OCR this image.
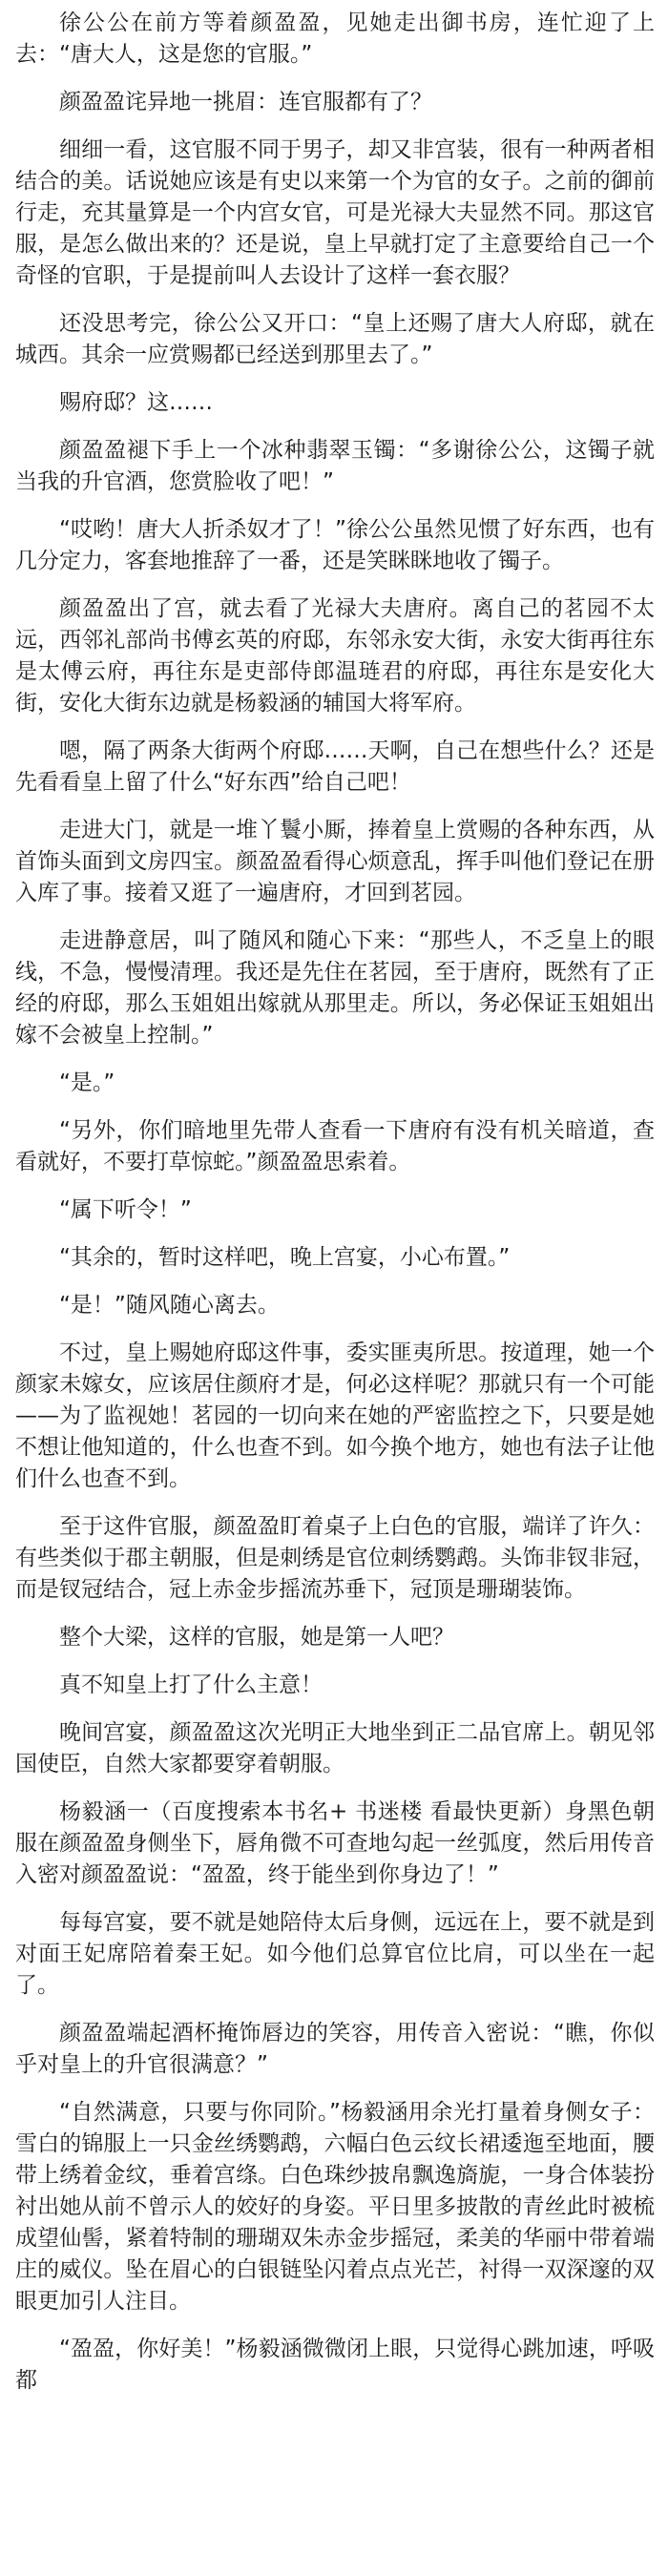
徐公公在前方等着颜盈盈，见她走出御书房，连忙迎了上去：“唐大人，这是您的官服。”

颜盈盈诧异地一挑眉：连官服都有了？

细细一看，这官服不同于男子，却又非宫装，很有一种两者相结合的美。话说她应该是有史以来第一个为官的女子。之前的御前行走，充其量算是一个内宫女官，可是光禄大夫显然不同。那这官服，是怎么做出来的？还是说，皇上早就打定了主意要给自己一个奇怪的官职，于是提前叫人去设计了这样一套衣服？

还没思考完，徐公公又开口：“皇上还赐了唐大人府邸，就在城西。其余一应赏赐都已经送到那里去了。”

赐府邸？这……

颜盈盈褪下手上一个冰种翡翠玉镯：“多谢徐公公，这镯子就当我的升官酒，您赏脸收了吧！”

“哎哟！唐大人折杀奴才了！”徐公公虽然见惯了好东西，也有几分定力，客套地推辞了一番，还是笑眯眯地收了镯子。

颜盈盈出了宫，就去看了光禄大夫唐府。离自己的茗园不太远，西邻礼部尚书傅玄英的府邸，东邻永安大街，永安大街再往东是太傅云府，再往东是吏部侍郎温琏君的府邸，再往东是安化大街，安化大街东边就是杨毅涵的辅国大将军府。

嗯，隔了两条大街两个府邸……天啊，自己在想些什么？还是先看看皇上留了什么“好东西”给自己吧！

走进大门，就是一堆丫鬟小厮，捧着皇上赏赐的各种东西，从首饰头面到文房四宝。颜盈盈看得心烦意乱，挥手叫他们登记在册入库了事。接着又逛了一遍唐府，才回到茗园。

走进静意居，叫了随风和随心下来：“那些人，不乏皇上的眼线，不急，慢慢清理。我还是先住在茗园，至于唐府，既然有了正经的府邸，那么玉姐姐出嫁就从那里走。所以，务必保证玉姐姐出嫁不会被皇上控制。”

“是。”

“另外，你们暗地里先带人查看一下唐府有没有机关暗道，查看就好，不要打草惊蛇。”颜盈盈思索着。

“属下听令！”

“其余的，暂时这样吧，晚上宫宴，小心布置。”

“是！”随风随心离去。

不过，皇上赐她府邸这件事，委实匪夷所思。按道理，她一个颜家未嫁女，应该居住颜府才是，何必这样呢？那就只有一个可能——为了监视她！茗园的一切向来在她的严密监控之下，只要是她不想让他知道的，什么也查不到。如今换个地方，她也有法子让他们什么也查不到。

至于这件官服，颜盈盈盯着桌子上白色的官服，端详了许久：有些类似于郡主朝服，但是刺绣是官位刺绣鹦鹉。头饰非钗非冠，而是钗冠结合，冠上赤金步摇流苏垂下，冠顶是珊瑚装饰。

整个大梁，这样的官服，她是第一人吧？

真不知皇上打了什么主意！

晚间宫宴，颜盈盈这次光明正大地坐到正二品官席上。朝见邻国使臣，自然大家都要穿着朝服。

杨毅涵一（百度搜索本书名+ 书迷楼 看最快更新）身黑色朝服在颜盈盈身侧坐下，唇角微不可查地勾起一丝弧度，然后用传音入密对颜盈盈说：“盈盈，终于能坐到你身边了！”

每每宫宴，要不就是她陪侍太后身侧，远远在上，要不就是到对面王妃席陪着秦王妃。如今他们总算官位比肩，可以坐在一起了。

颜盈盈端起酒杯掩饰唇边的笑容，用传音入密说：“瞧，你似乎对皇上的升官很满意？”

“自然满意，只要与你同阶。”杨毅涵用余光打量着身侧女子：雪白的锦服上一只金丝绣鹦鹉，六幅白色云纹长裙逶迤至地面，腰带上绣着金纹，垂着宫绦。白色珠纱披帛飘逸旖旎，一身合体装扮衬出她从前不曾示人的姣好的身姿。平日里多披散的青丝此时被梳成望仙髻，紧着特制的珊瑚双朱赤金步摇冠，柔美的华丽中带着端庄的威仪。坠在眉心的白银链坠闪着点点光芒，衬得一双深邃的双眼更加引人注目。

“盈盈，你好美！”杨毅涵微微闭上眼，只觉得心跳加速，呼吸都
